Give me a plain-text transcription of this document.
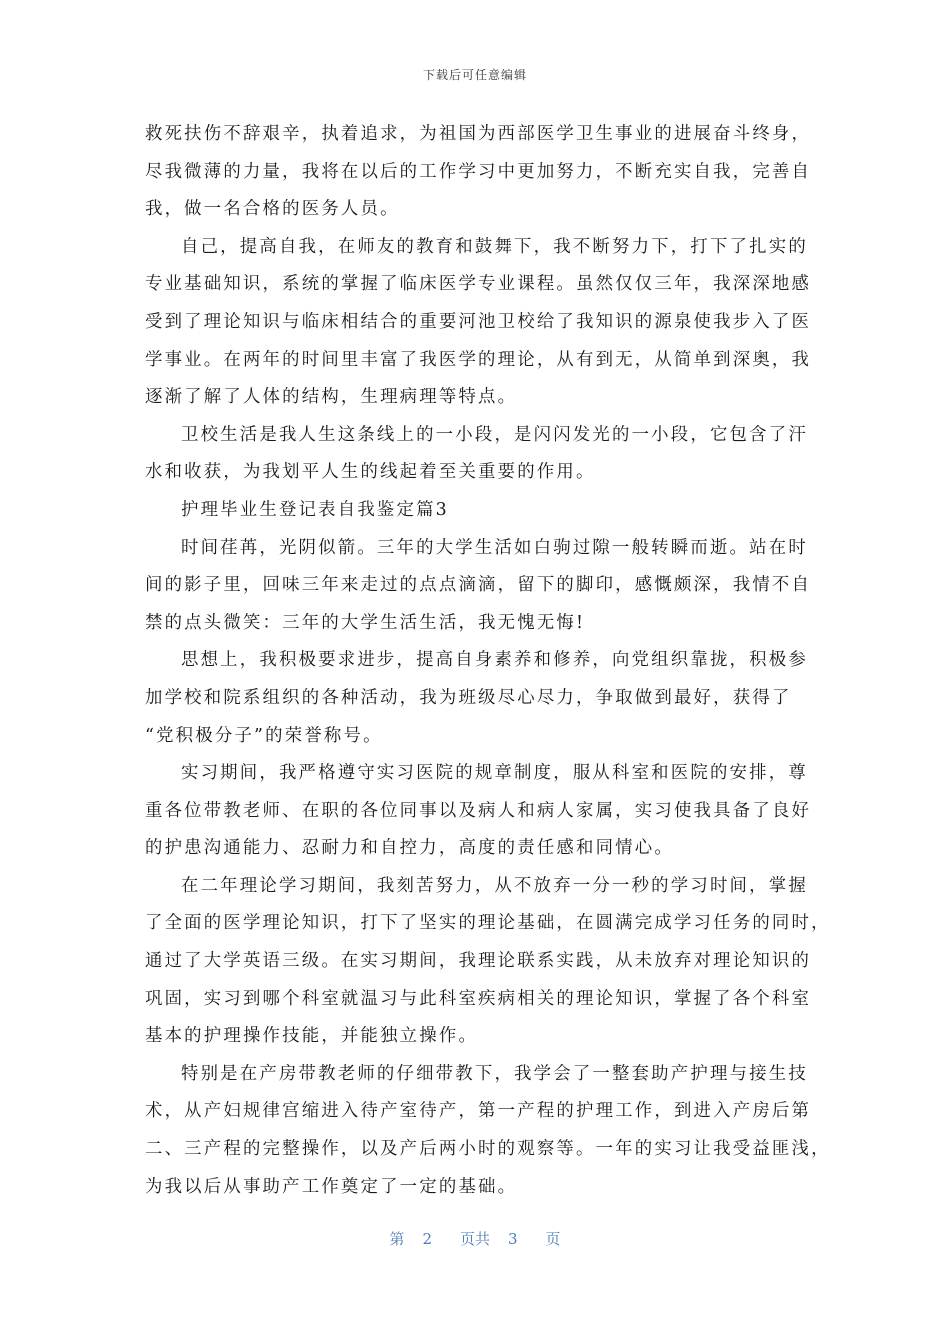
下载后可任意编辑
救死扶伤不辞艰辛，执着追求，为祖国为西部医学卫生事业的进展奋斗终身，
尽我微薄的力量，我将在以后的工作学习中更加努力，不断充实自我，完善自
我，做一名合格的医务人员。
自己，提高自我，在师友的教育和鼓舞下，我不断努力下，打下了扎实的
专业基础知识，系统的掌握了临床医学专业课程。虽然仅仅三年，我深深地感
受到了理论知识与临床相结合的重要河池卫校给了我知识的源泉使我步入了医
学事业。在两年的时间里丰富了我医学的理论，从有到无，从简单到深奥，我
逐渐了解了人体的结构，生理病理等特点。
卫校生活是我人生这条线上的一小段，是闪闪发光的一小段，它包含了汗
水和收获，为我划平人生的线起着至关重要的作用。
护理毕业生登记表自我鉴定篇3
时间荏苒，光阴似箭。三年的大学生活如白驹过隙一般转瞬而逝。站在时
间的影子里，回味三年来走过的点点滴滴，留下的脚印，感慨颇深，我情不自
禁的点头微笑：三年的大学生活生活，我无愧无悔!
思想上，我积极要求进步，提高自身素养和修养，向党组织靠拢，积极参
加学校和院系组织的各种活动，我为班级尽心尽力，争取做到最好，获得了
“党积极分子”的荣誉称号。
实习期间，我严格遵守实习医院的规章制度，服从科室和医院的安排，尊
重各位带教老师、在职的各位同事以及病人和病人家属，实习使我具备了良好
的护患沟通能力、忍耐力和自控力，高度的责任感和同情心。
在二年理论学习期间，我刻苦努力，从不放弃一分一秒的学习时间，掌握
了全面的医学理论知识，打下了坚实的理论基础，在圆满完成学习任务的同时，
通过了大学英语三级。在实习期间，我理论联系实践，从未放弃对理论知识的
巩固，实习到哪个科室就温习与此科室疾病相关的理论知识，掌握了各个科室
基本的护理操作技能，并能独立操作。
特别是在产房带教老师的仔细带教下，我学会了一整套助产护理与接生技
术，从产妇规律宫缩进入待产室待产，第一产程的护理工作，到进入产房后第
二、三产程的完整操作，以及产后两小时的观察等。一年的实习让我受益匪浅，
为我以后从事助产工作奠定了一定的基础。
第 2 页共 3 页
